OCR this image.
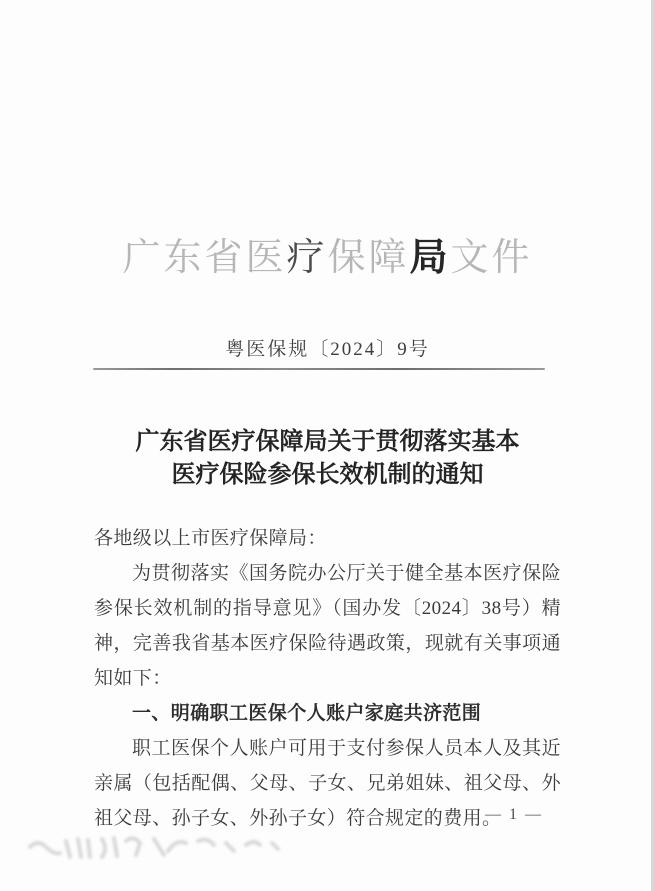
广东省医疗保障局文件
粤医保规〔2024〕9号
广东省医疗保障局关于贯彻落实基本
医疗保险参保长效机制的通知

各地级以上市医疗保障局：

为贯彻落实《国务院办公厅关于健全基本医疗保险参保长效机制的指导意见》（国办发〔2024〕38号）精神，完善我省基本医疗保险待遇政策，现就有关事项通知如下：

一、明确职工医保个人账户家庭共济范围

职工医保个人账户可用于支付参保人员本人及其近亲属（包括配偶、父母、子女、兄弟姐妹、祖父母、外祖父母、孙子女、外孙子女）符合规定的费用。

— 1 —
